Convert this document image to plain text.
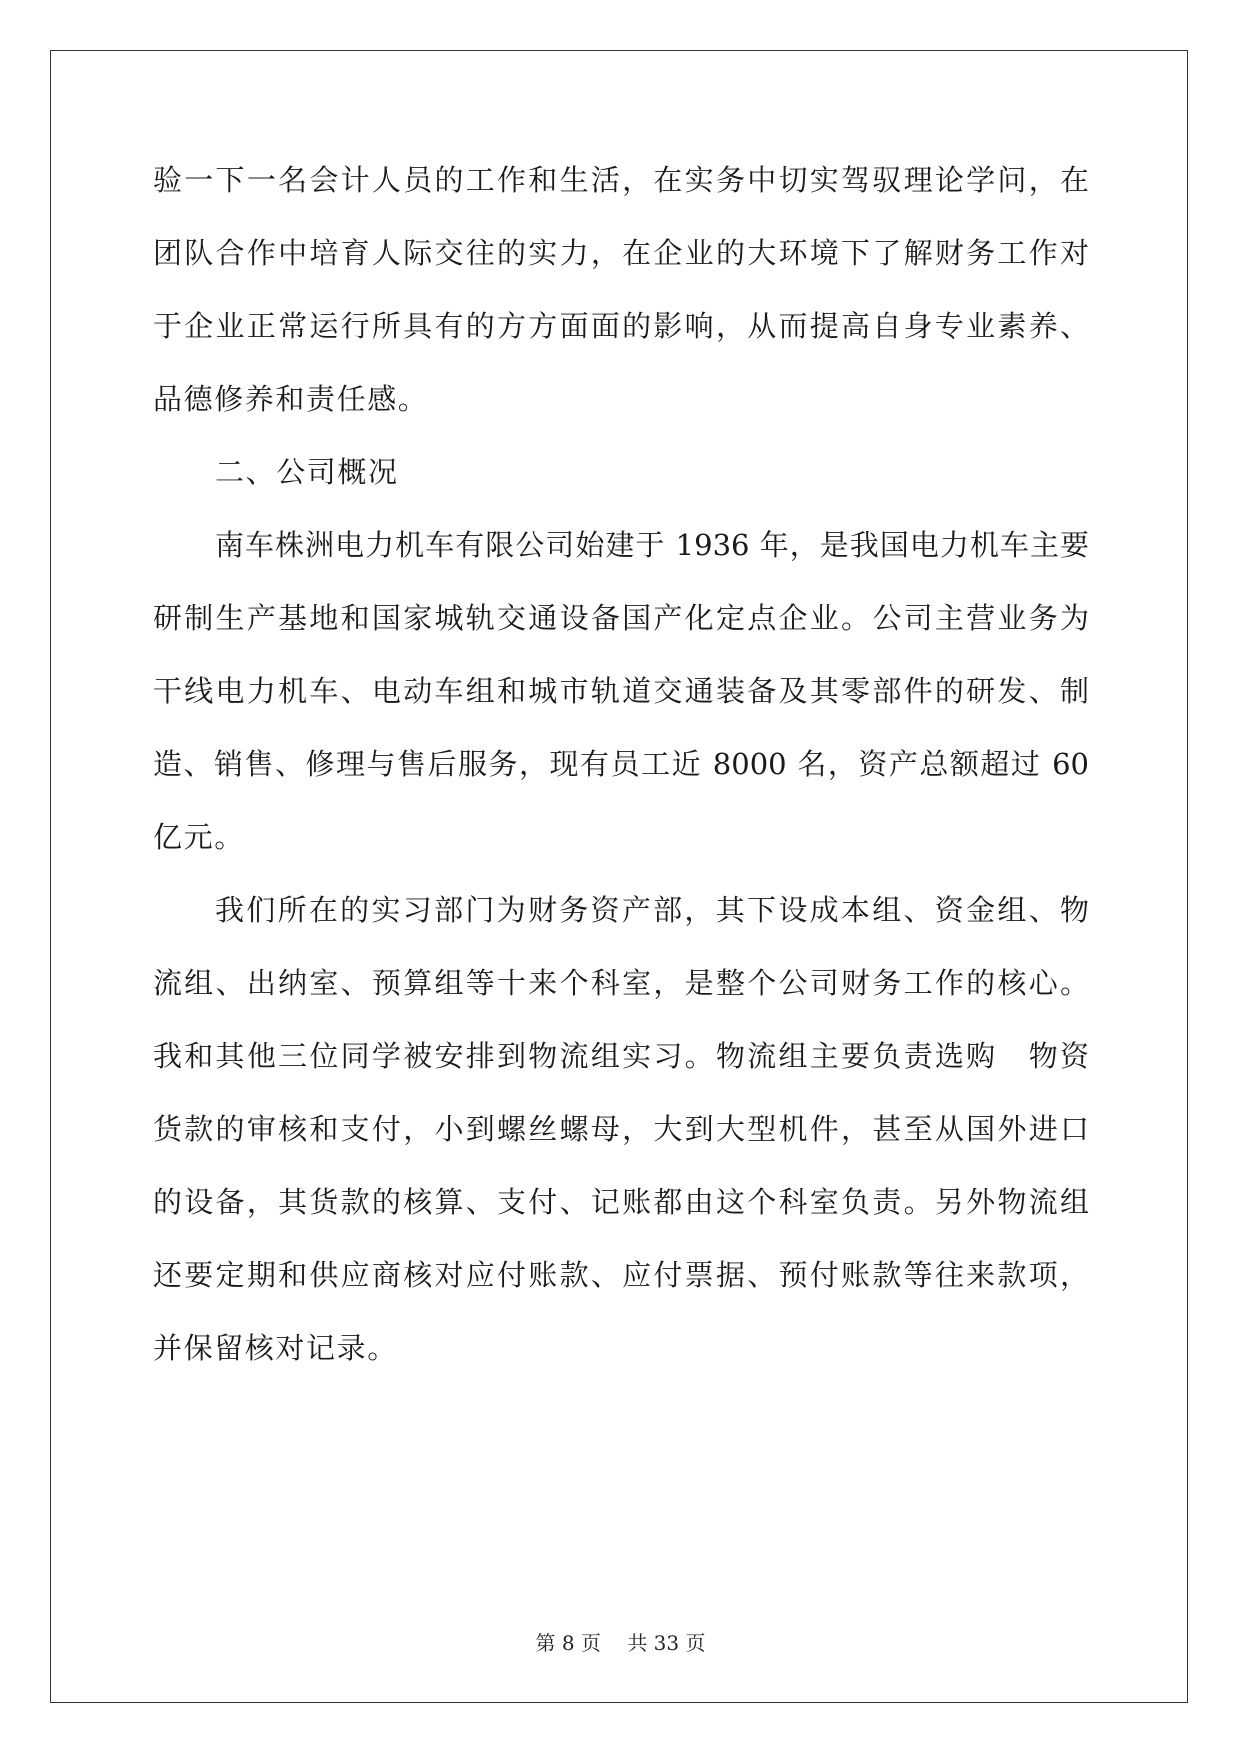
验一下一名会计人员的工作和生活，在实务中切实驾驭理论学问，在
团队合作中培育人际交往的实力，在企业的大环境下了解财务工作对
于企业正常运行所具有的方方面面的影响，从而提高自身专业素养、
品德修养和责任感。
二、公司概况
南车株洲电力机车有限公司始建于 1936 年，是我国电力机车主要
研制生产基地和国家城轨交通设备国产化定点企业。公司主营业务为
干线电力机车、电动车组和城市轨道交通装备及其零部件的研发、制
造、销售、修理与售后服务，现有员工近 8000 名，资产总额超过 60
亿元。
我们所在的实习部门为财务资产部，其下设成本组、资金组、物
流组、出纳室、预算组等十来个科室，是整个公司财务工作的核心。
我和其他三位同学被安排到物流组实习。物流组主要负责选购　物资
货款的审核和支付，小到螺丝螺母，大到大型机件，甚至从国外进口
的设备，其货款的核算、支付、记账都由这个科室负责。另外物流组
还要定期和供应商核对应付账款、应付票据、预付账款等往来款项，
并保留核对记录。
第 8 页 共 33 页
